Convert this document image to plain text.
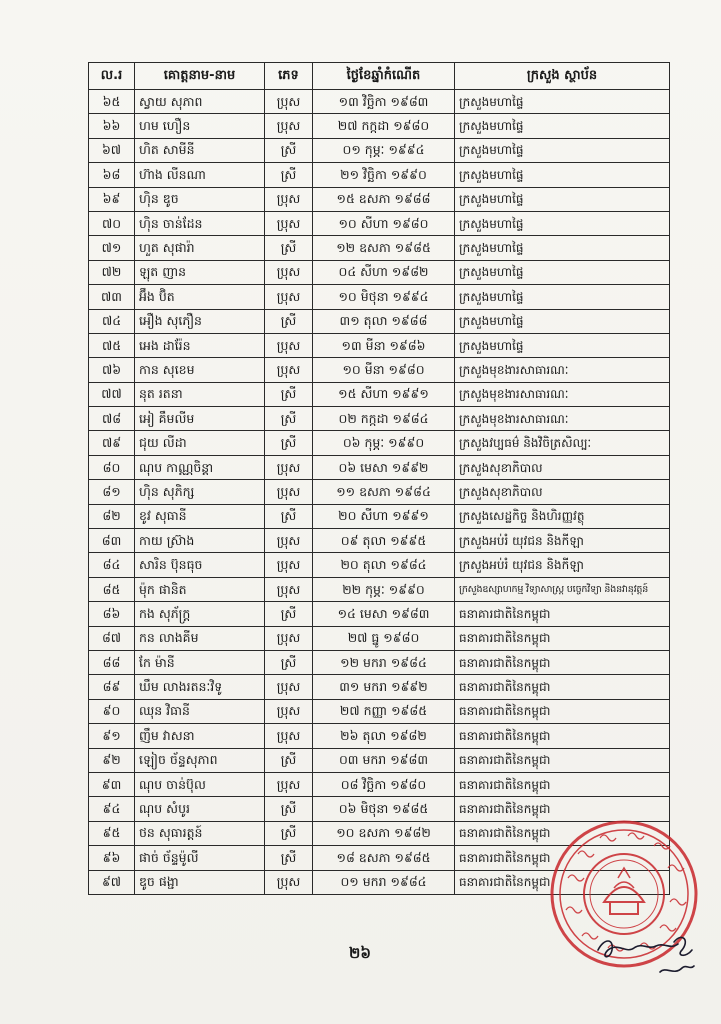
ល.រ	គោត្តនាម-នាម	ភេទ	ថ្ងៃខែឆ្នាំកំណើត	ក្រសួង ស្ថាប័ន
៦៥	ស្វាយ សុភាព	ប្រុស	១៣ វិច្ឆិកា ១៩៨៣	ក្រសួងមហាផ្ទៃ
៦៦	ហម ហឿន	ប្រុស	២៧ កក្កដា ១៩៨០	ក្រសួងមហាផ្ទៃ
៦៧	ហិត សាមីនី	ស្រី	០១ កុម្ភៈ ១៩៩៤	ក្រសួងមហាផ្ទៃ
៦៨	ហ៊ាង លីនណា	ស្រី	២១ វិច្ឆិកា ១៩៩០	ក្រសួងមហាផ្ទៃ
៦៩	ហ៊ិន ឌូច	ប្រុស	១៥ ឧសភា ១៩៨៨	ក្រសួងមហាផ្ទៃ
៧០	ហ៊ិន ចាន់ដែន	ប្រុស	១០ សីហា ១៩៨០	ក្រសួងមហាផ្ទៃ
៧១	ហួត សុផារ៉ា	ស្រី	១២ ឧសភា ១៩៨៥	ក្រសួងមហាផ្ទៃ
៧២	ឡុត ញាន	ប្រុស	០៤ សីហា ១៩៨២	ក្រសួងមហាផ្ទៃ
៧៣	អ៊ឹង ប៊ិត	ប្រុស	១០ មិថុនា ១៩៩៤	ក្រសួងមហាផ្ទៃ
៧៤	អឿង សុភឿន	ស្រី	៣១ តុលា ១៩៨៨	ក្រសួងមហាផ្ទៃ
៧៥	អេង ដារ៉ែន	ប្រុស	១៣ មីនា ១៩៨៦	ក្រសួងមហាផ្ទៃ
៧៦	កាន សុខេម	ប្រុស	១០ មីនា ១៩៨០	ក្រសួងមុខងារសាធារណៈ
៧៧	នុត រតនា	ស្រី	១៥ សីហា ១៩៩១	ក្រសួងមុខងារសាធារណៈ
៧៨	អៀ គឹមលីម	ស្រី	០២ កក្កដា ១៩៨៤	ក្រសួងមុខងារសាធារណៈ
៧៩	ជុយ លីដា	ស្រី	០៦ កុម្ភៈ ១៩៩០	ក្រសួងវប្បធម៌ និងវិចិត្រសិល្បៈ
៨០	ណុប កាណ្ណចិន្តា	ប្រុស	០៦ មេសា ១៩៩២	ក្រសួងសុខាភិបាល
៨១	ហ៊ិន សុភិក្ស	ប្រុស	១១ ឧសភា ១៩៨៤	ក្រសួងសុខាភិបាល
៨២	ខូវ សុធានី	ស្រី	២០ សីហា ១៩៩១	ក្រសួងសេដ្ឋកិច្ច និងហិរញ្ញវត្ថុ
៨៣	កាយ ស្រ៊ាង	ប្រុស	០៩ តុលា ១៩៩៥	ក្រសួងអប់រំ យុវជន និងកីឡា
៨៤	សារិន ប៊ុនធុច	ប្រុស	២០ តុលា ១៩៨៤	ក្រសួងអប់រំ យុវជន និងកីឡា
៨៥	ម៉ុក ផានិត	ប្រុស	២២ កុម្ភៈ ១៩៩០	ក្រសួងឧស្សាហកម្ម វិទ្យាសាស្ត្រ បច្ចេកវិទ្យា និងនវានុវត្តន៍
៨៦	កង សុភ័ក្ត្រ	ស្រី	១៤ មេសា ១៩៨៣	ធនាគារជាតិនៃកម្ពុជា
៨៧	កន លាងគីម	ប្រុស	២៧ ធ្នូ ១៩៨០	ធនាគារជាតិនៃកម្ពុជា
៨៨	កែ ម៉ានី	ស្រី	១២ មករា ១៩៨៤	ធនាគារជាតិនៃកម្ពុជា
៨៩	ឃឹម លាងរតនៈវិទូ	ប្រុស	៣១ មករា ១៩៩២	ធនាគារជាតិនៃកម្ពុជា
៩០	ឈុន វិធានី	ប្រុស	២៧ កញ្ញា ១៩៨៥	ធនាគារជាតិនៃកម្ពុជា
៩១	ញឹម វាសនា	ប្រុស	២៦ តុលា ១៩៨២	ធនាគារជាតិនៃកម្ពុជា
៩២	ឡៀច ច័ន្ទសុភាព	ស្រី	០៣ មករា ១៩៨៣	ធនាគារជាតិនៃកម្ពុជា
៩៣	ណុប ចាន់ប៊ុល	ប្រុស	០៨ វិច្ឆិកា ១៩៨០	ធនាគារជាតិនៃកម្ពុជា
៩៤	ណុប សំបូរ	ស្រី	០៦ មិថុនា ១៩៨៥	ធនាគារជាតិនៃកម្ពុជា
៩៥	ថន សុធារត្តន៍	ស្រី	១០ ឧសភា ១៩៨២	ធនាគារជាតិនៃកម្ពុជា
៩៦	ផាច់ ច័ន្ទម៉ូលី	ស្រី	១៨ ឧសភា ១៩៨៥	ធនាគារជាតិនៃកម្ពុជា
៩៧	ឌូច ផង្ជា	ប្រុស	០១ មករា ១៩៨៤	ធនាគារជាតិនៃកម្ពុជា
២៦
